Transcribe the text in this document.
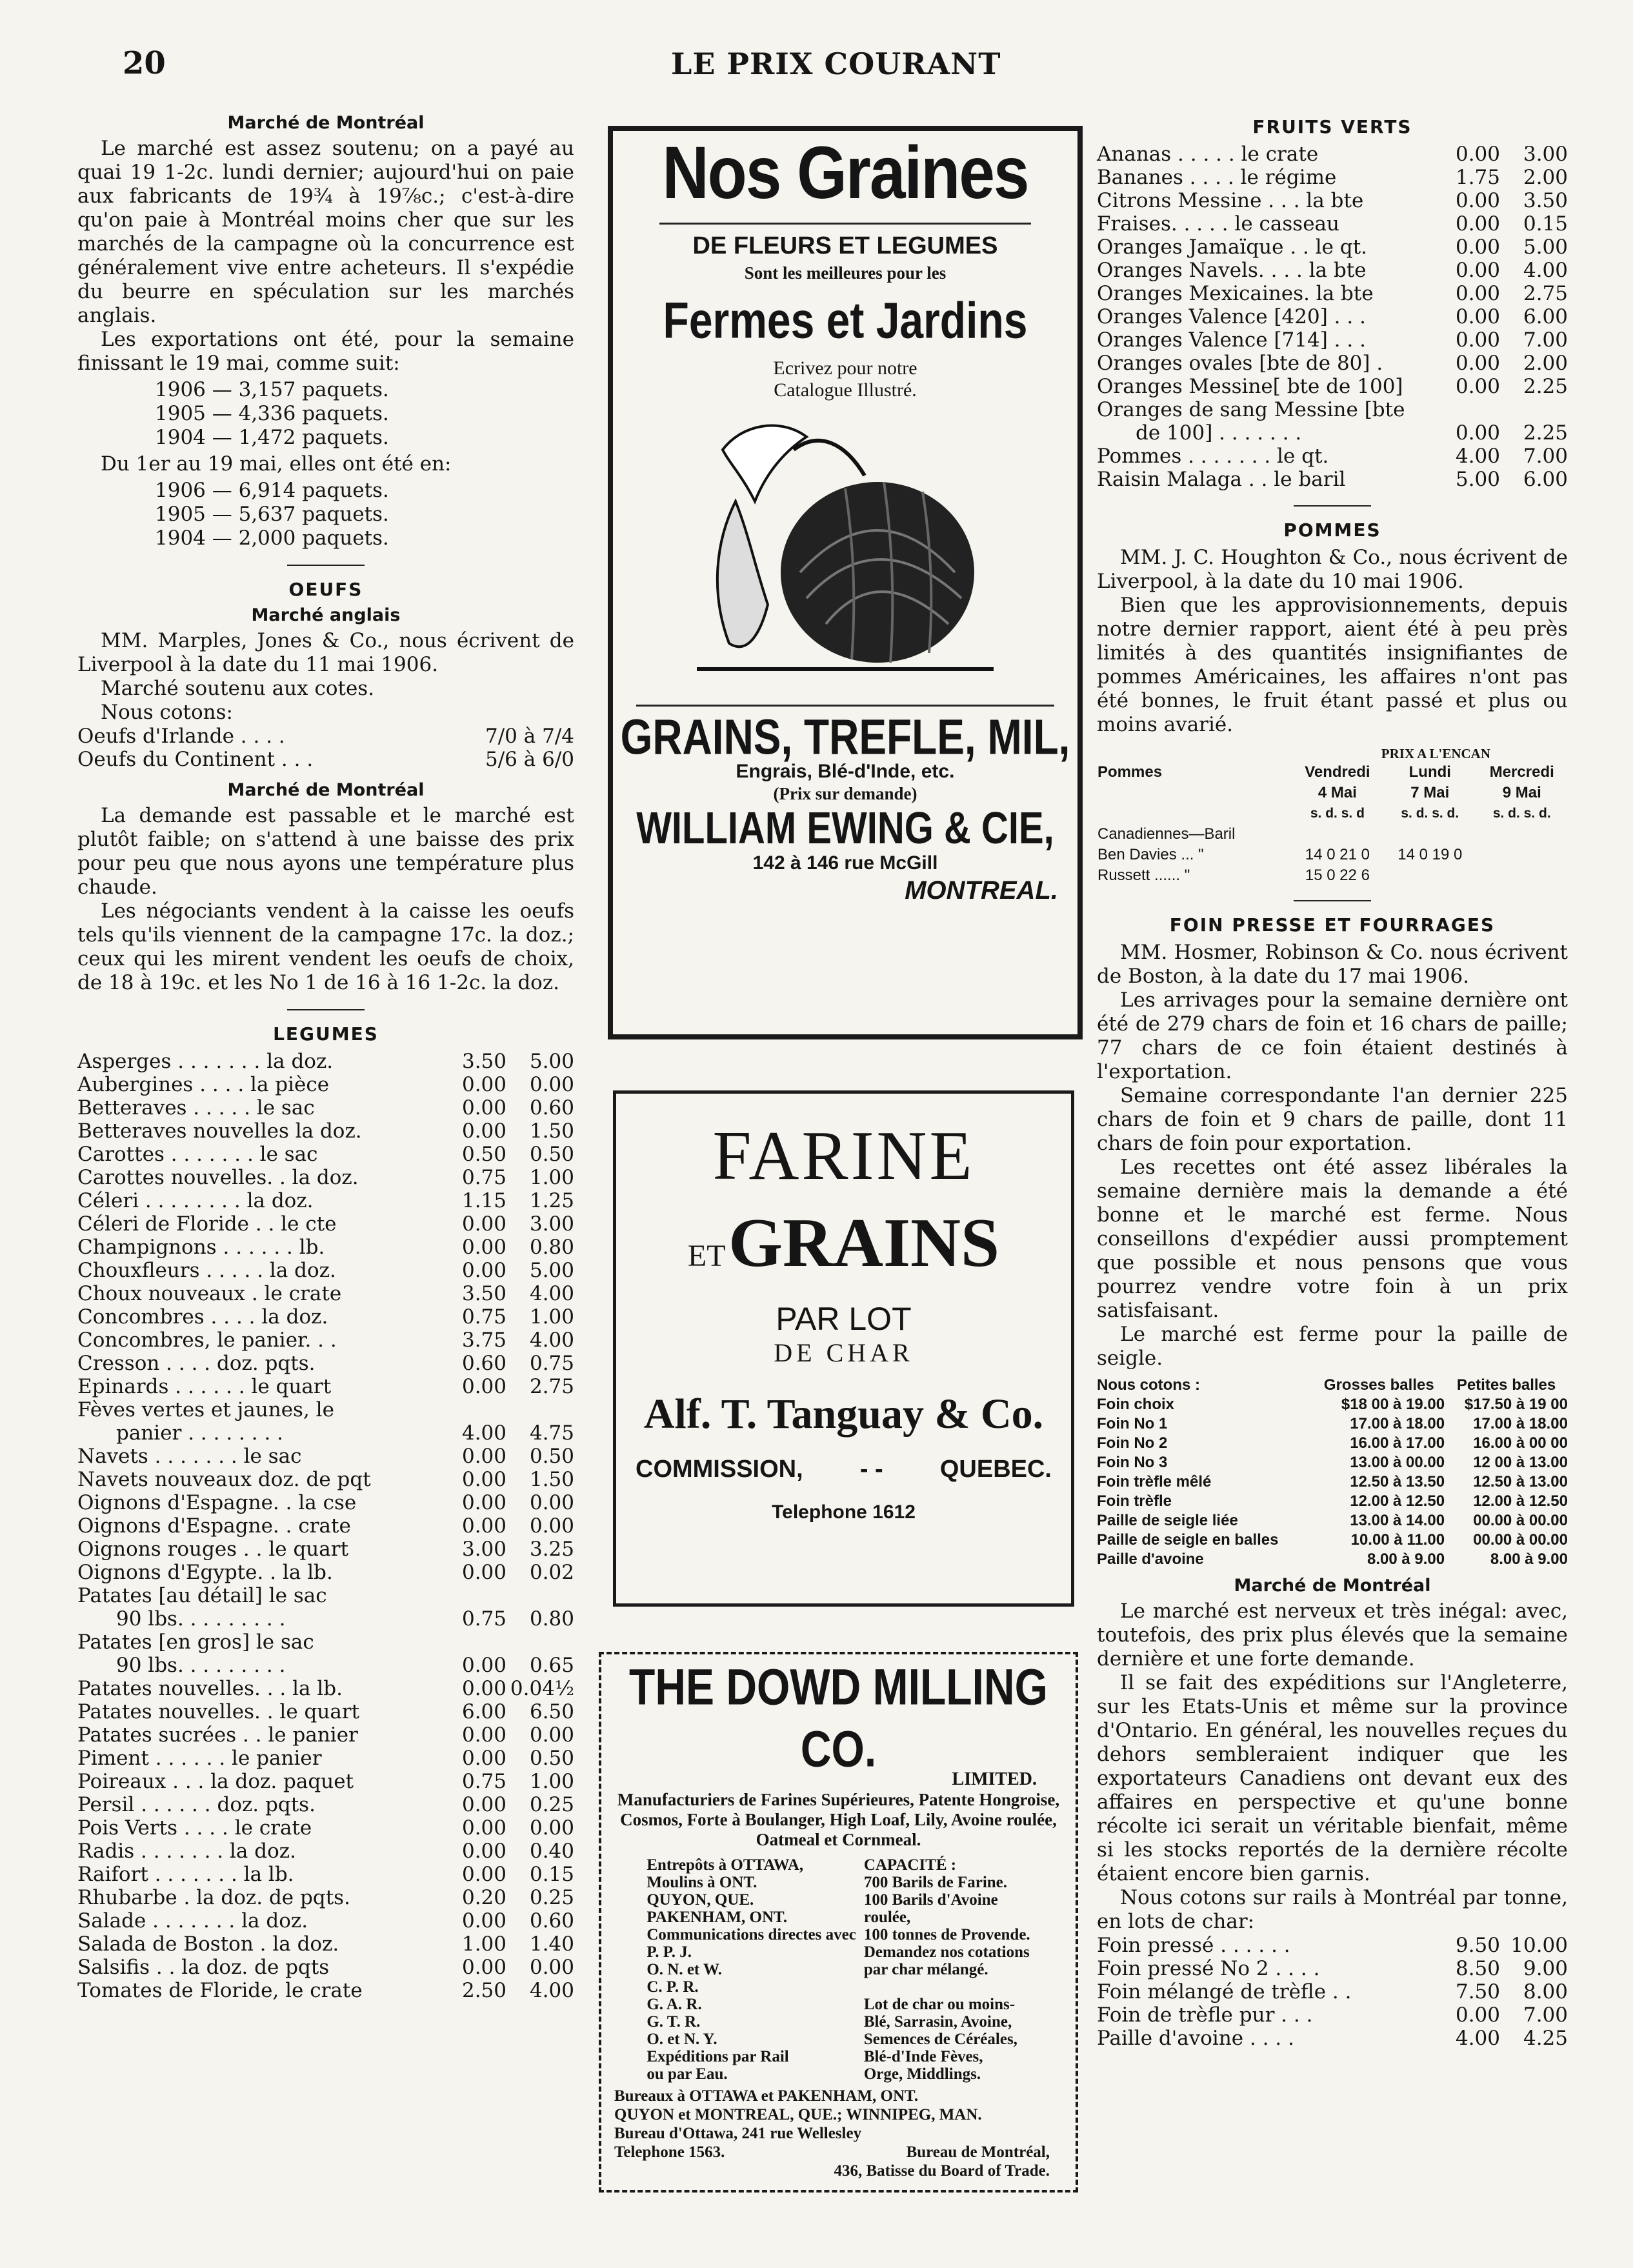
20	LE PRIX COURANT
Marché de Montréal

Le marché est assez soutenu; on a payé au quai 19 1-2c. lundi dernier; aujourd'hui on paie aux fabricants de 19¾ à 19⅞c.; c'est-à-dire qu'on paie à Montréal moins cher que sur les marchés de la campagne où la concurrence est généralement vive entre acheteurs. Il s'expédie du beurre en spéculation sur les marchés anglais.

Les exportations ont été, pour la semaine finissant le 19 mai, comme suit:

1906 — 3,157 paquets.
1905 — 4,336 paquets.
1904 — 1,472 paquets.

Du 1er au 19 mai, elles ont été en:

1906 — 6,914 paquets.
1905 — 5,637 paquets.
1904 — 2,000 paquets.
OEUFS
Marché anglais

MM. Marples, Jones & Co., nous écrivent de Liverpool à la date du 11 mai 1906.

Marché soutenu aux cotes.

Nous cotons:

Oeufs d'Irlande . . . .	7/0 à 7/4
Oeufs du Continent . . .	5/6 à 6/0
Marché de Montréal

La demande est passable et le marché est plutôt faible; on s'attend à une baisse des prix pour peu que nous ayons une température plus chaude.

Les négociants vendent à la caisse les oeufs tels qu'ils viennent de la campagne 17c. la doz.; ceux qui les mirent vendent les oeufs de choix, de 18 à 19c. et les No 1 de 16 à 16 1-2c. la doz.

LEGUMES
Asperges . . . . . . . la doz.	3.50	5.00
Aubergines . . . . la pièce	0.00	0.00
Betteraves . . . . . le sac	0.00	0.60
Betteraves nouvelles la doz.	0.00	1.50
Carottes . . . . . . . le sac	0.50	0.50
Carottes nouvelles. . la doz.	0.75	1.00
Céleri . . . . . . . . la doz.	1.15	1.25
Céleri de Floride . . le cte	0.00	3.00
Champignons . . . . . . lb.	0.00	0.80
Chouxfleurs . . . . . la doz.	0.00	5.00
Choux nouveaux . le crate	3.50	4.00
Concombres . . . . la doz.	0.75	1.00
Concombres, le panier. . .	3.75	4.00
Cresson . . . . doz. pqts.	0.60	0.75
Epinards . . . . . . le quart	0.00	2.75
Fèves vertes et jaunes, le		
panier . . . . . . . .	4.00	4.75
Navets . . . . . . . le sac	0.00	0.50
Navets nouveaux doz. de pqt	0.00	1.50
Oignons d'Espagne. . la cse	0.00	0.00
Oignons d'Espagne. . crate	0.00	0.00
Oignons rouges . . le quart	3.00	3.25
Oignons d'Egypte. . la lb.	0.00	0.02
Patates [au détail] le sac		
90 lbs. . . . . . . . .	0.75	0.80
Patates [en gros] le sac		
90 lbs. . . . . . . . .	0.00	0.65
Patates nouvelles. . . la lb.	0.00	0.04½
Patates nouvelles. . le quart	6.00	6.50
Patates sucrées . . le panier	0.00	0.00
Piment . . . . . . le panier	0.00	0.50
Poireaux . . . la doz. paquet	0.75	1.00
Persil . . . . . . doz. pqts.	0.00	0.25
Pois Verts . . . . le crate	0.00	0.00
Radis . . . . . . . la doz.	0.00	0.40
Raifort . . . . . . . la lb.	0.00	0.15
Rhubarbe . la doz. de pqts.	0.20	0.25
Salade . . . . . . . la doz.	0.00	0.60
Salada de Boston . la doz.	1.00	1.40
Salsifis . . la doz. de pqts	0.00	0.00
Tomates de Floride, le crate	2.50	4.00
Nos Graines
DE FLEURS ET LEGUMES
Sont les meilleures pour les
Fermes et Jardins
Ecrivez pour notre
Catalogue Illustré.
GRAINS, TREFLE, MIL,
Engrais, Blé-d'Inde, etc.
(Prix sur demande)
WILLIAM EWING & CIE,
142 à 146 rue McGill
MONTREAL.
FARINE
ET GRAINS
PAR LOT
DE CHAR
Alf. T. Tanguay & Co.
COMMISSION, - - QUEBEC.
Telephone 1612
THE DOWD MILLING CO.
LIMITED.
Manufacturiers de Farines Supérieures, Patente Hongroise, Cosmos, Forte à Boulanger, High Loaf, Lily, Avoine roulée, Oatmeal et Cornmeal.
Entrepôts à OTTAWA,	CAPACITÉ :
Moulins à ONT.	700 Barils de Farine.
QUYON, QUE.	100 Barils d'Avoine
PAKENHAM, ONT.	roulée,
Communications directes avec	100 tonnes de Provende.
P. P. J.	Demandez nos cotations
O. N. et W.	par char mélangé.
C. P. R.	
G. A. R.	Lot de char ou moins-
G. T. R.	Blé, Sarrasin, Avoine,
O. et N. Y.	Semences de Céréales,
Expéditions par Rail	Blé-d'Inde Fèves,
ou par Eau.	Orge, Middlings.
Bureaux à OTTAWA et PAKENHAM, ONT.
QUYON et MONTREAL, QUE.; WINNIPEG, MAN.
Bureau d'Ottawa, 241 rue Wellesley
Telephone 1563.	Bureau de Montréal,
436, Batisse du Board of Trade.
FRUITS VERTS
Ananas . . . . . le crate	0.00	3.00
Bananes . . . . le régime	1.75	2.00
Citrons Messine . . . la bte	0.00	3.50
Fraises. . . . . le casseau	0.00	0.15
Oranges Jamaïque . . le qt.	0.00	5.00
Oranges Navels. . . . la bte	0.00	4.00
Oranges Mexicaines. la bte	0.00	2.75
Oranges Valence [420] . . .	0.00	6.00
Oranges Valence [714] . . .	0.00	7.00
Oranges ovales [bte de 80] .	0.00	2.00
Oranges Messine[ bte de 100]	0.00	2.25
Oranges de sang Messine [bte		
de 100] . . . . . . .	0.00	2.25
Pommes . . . . . . . le qt.	4.00	7.00
Raisin Malaga . . le baril	5.00	6.00
POMMES

MM. J. C. Houghton & Co., nous écrivent de Liverpool, à la date du 10 mai 1906.

Bien que les approvisionnements, depuis notre dernier rapport, aient été à peu près limités à des quantités insignifiantes de pommes Américaines, les affaires n'ont pas été bonnes, le fruit étant passé et plus ou moins avarié.

PRIX A L'ENCAN
Pommes	Vendredi	Lundi	Mercredi
	4 Mai	7 Mai	9 Mai
	s. d. s. d	s. d. s. d.	s. d. s. d.
Canadiennes—Baril			
Ben Davies ... "	14 0 21 0	14 0 19 0	
Russett ...... "	15 0 22 6		
FOIN PRESSE ET FOURRAGES

MM. Hosmer, Robinson & Co. nous écrivent de Boston, à la date du 17 mai 1906.

Les arrivages pour la semaine dernière ont été de 279 chars de foin et 16 chars de paille; 77 chars de ce foin étaient destinés à l'exportation.

Semaine correspondante l'an dernier 225 chars de foin et 9 chars de paille, dont 11 chars de foin pour exportation.

Les recettes ont été assez libérales la semaine dernière mais la demande a été bonne et le marché est ferme. Nous conseillons d'expédier aussi promptement que possible et nous pensons que vous pourrez vendre votre foin à un prix satisfaisant.

Le marché est ferme pour la paille de seigle.

Nous cotons :	Grosses balles	Petites balles
Foin choix	$18 00 à 19.00	$17.50 à 19 00
Foin No 1	17.00 à 18.00	17.00 à 18.00
Foin No 2	16.00 à 17.00	16.00 à 00 00
Foin No 3	13.00 à 00.00	12 00 à 13.00
Foin trèfle mêlé	12.50 à 13.50	12.50 à 13.00
Foin trèfle	12.00 à 12.50	12.00 à 12.50
Paille de seigle liée	13.00 à 14.00	00.00 à 00.00
Paille de seigle en balles	10.00 à 11.00	00.00 à 00.00
Paille d'avoine	8.00 à 9.00	8.00 à 9.00
Marché de Montréal

Le marché est nerveux et très inégal: avec, toutefois, des prix plus élevés que la semaine dernière et une forte demande.

Il se fait des expéditions sur l'Angleterre, sur les Etats-Unis et même sur la province d'Ontario. En général, les nouvelles reçues du dehors sembleraient indiquer que les exportateurs Canadiens ont devant eux des affaires en perspective et qu'une bonne récolte ici serait un véritable bienfait, même si les stocks reportés de la dernière récolte étaient encore bien garnis.

Nous cotons sur rails à Montréal par tonne, en lots de char:

Foin pressé . . . . . .	9.50	10.00
Foin pressé No 2 . . . .	8.50	9.00
Foin mélangé de trèfle . .	7.50	8.00
Foin de trèfle pur . . .	0.00	7.00
Paille d'avoine . . . .	4.00	4.25
